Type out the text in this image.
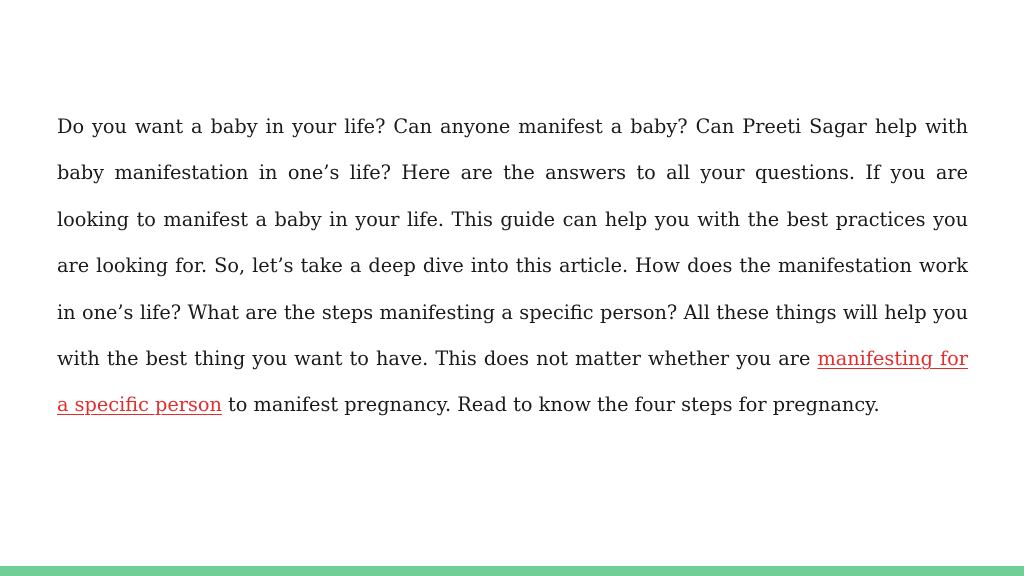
Do you want a baby in your life? Can anyone manifest a baby? Can Preeti Sagar help with baby manifestation in one’s life? Here are the answers to all your questions. If you are looking to manifest a baby in your life. This guide can help you with the best practices you are looking for. So, let’s take a deep dive into this article. How does the manifestation work in one’s life? What are the steps manifesting a specific person? All these things will help you with the best thing you want to have. This does not matter whether you are manifesting for a specific person to manifest pregnancy. Read to know the four steps for pregnancy.
